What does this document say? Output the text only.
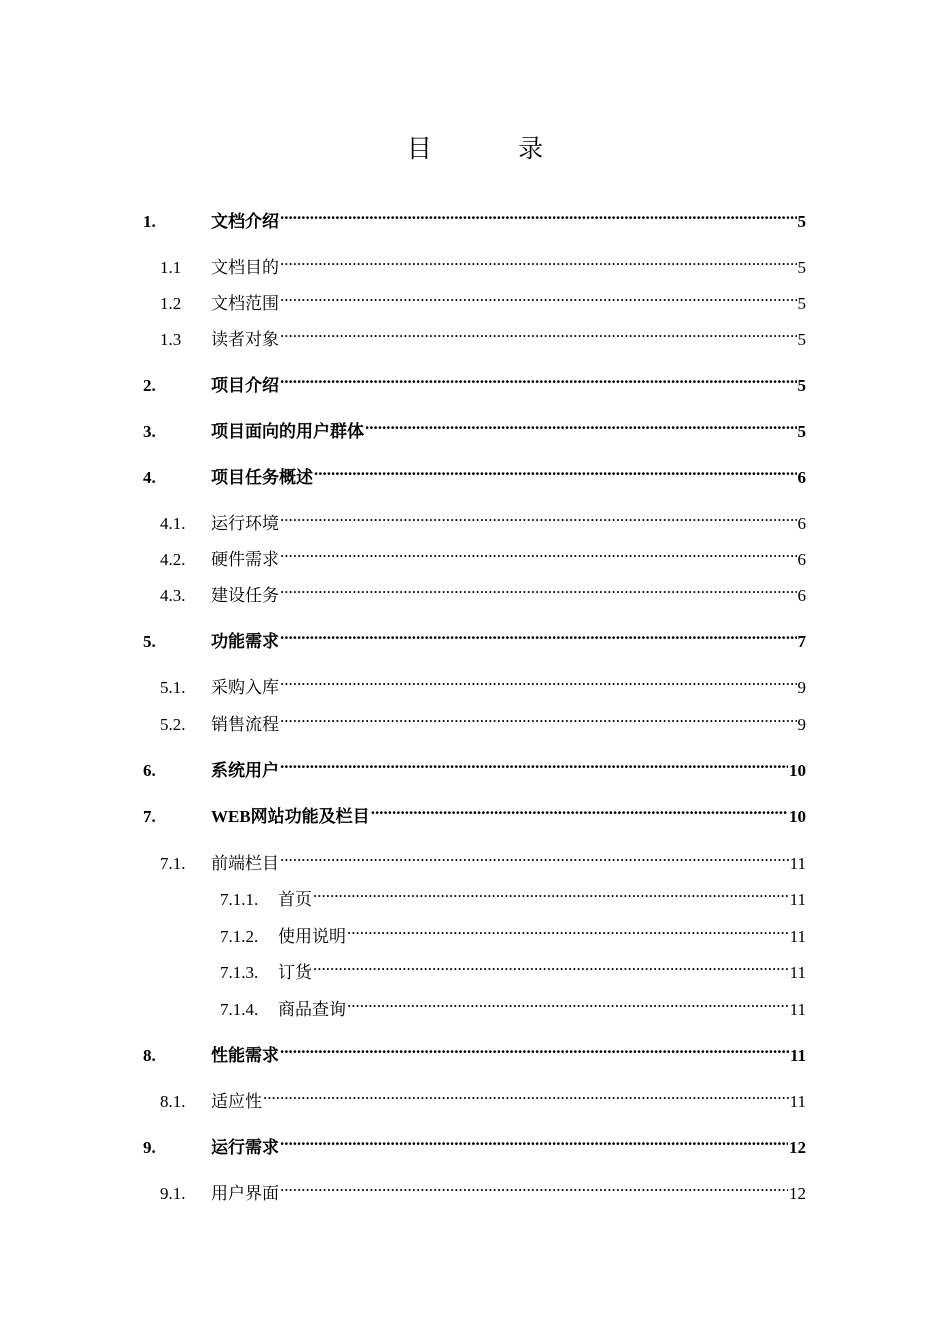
目 录
1.	文档介绍 .....	5
1.1	文档目的 .....	5
1.2	文档范围 .....	5
1.3	读者对象 .....	5
2.	项目介绍 .....	5
3.	项目面向的用户群体 .....	5
4.	项目任务概述 .....	6
4.1.	运行环境 .....	6
4.2.	硬件需求 .....	6
4.3.	建设任务 .....	6
5.	功能需求 .....	7
5.1.	采购入库 .....	9
5.2.	销售流程 .....	9
6.	系统用户 .....	10
7.	WEB网站功能及栏目 .....	10
7.1.	前端栏目 .....	11
7.1.1.	首页 .....	11
7.1.2.	使用说明 .....	11
7.1.3.	订货 .....	11
7.1.4.	商品查询 .....	11
8.	性能需求 .....	11
8.1.	适应性 .....	11
9.	运行需求 .....	12
9.1.	用户界面 .....	12
